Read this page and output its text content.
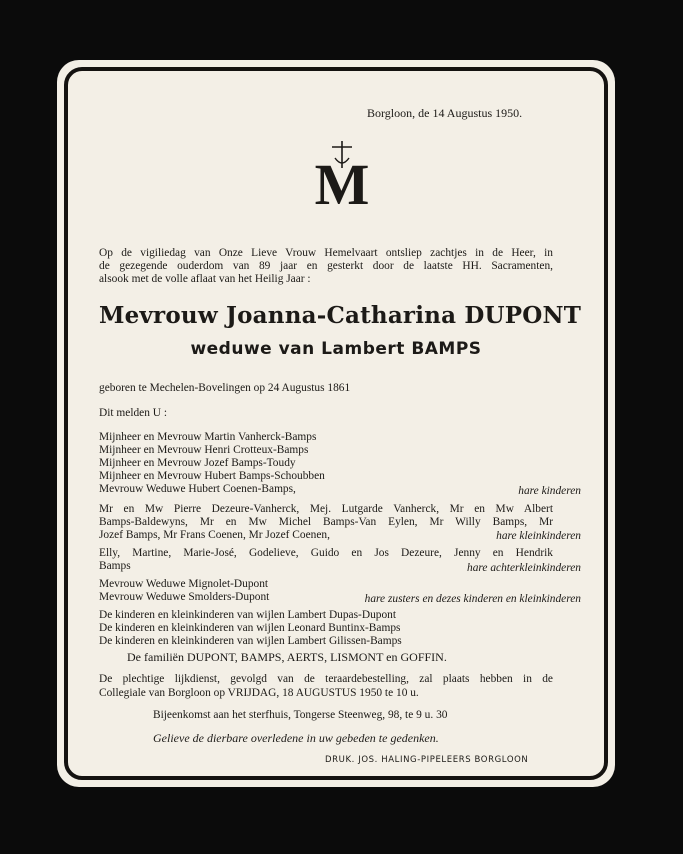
Borgloon, de 14 Augustus 1950.
M
Op de vigiliedag van Onze Lieve Vrouw Hemelvaart ontsliep zachtjes in de Heer, in
de gezegende ouderdom van 89 jaar en gesterkt door de laatste HH. Sacramenten,
alsook met de volle aflaat van het Heilig Jaar :
Mevrouw Joanna-Catharina DUPONT
weduwe van Lambert BAMPS
geboren te Mechelen-Bovelingen op 24 Augustus 1861
Dit melden U :
Mijnheer en Mevrouw Martin Vanherck-Bamps
Mijnheer en Mevrouw Henri Crotteux-Bamps
Mijnheer en Mevrouw Jozef Bamps-Toudy
Mijnheer en Mevrouw Hubert Bamps-Schoubben
Mevrouw Weduwe Hubert Coenen-Bamps,	hare kinderen
Mr en Mw Pierre Dezeure-Vanherck, Mej. Lutgarde Vanherck, Mr en Mw Albert
Bamps-Baldewyns, Mr en Mw Michel Bamps-Van Eylen, Mr Willy Bamps, Mr
Jozef Bamps, Mr Frans Coenen, Mr Jozef Coenen,	hare kleinkinderen
Elly, Martine, Marie-José, Godelieve, Guido en Jos Dezeure, Jenny en Hendrik
Bamps	hare achterkleinkinderen
Mevrouw Weduwe Mignolet-Dupont
Mevrouw Weduwe Smolders-Dupont	hare zusters en dezes kinderen en kleinkinderen
De kinderen en kleinkinderen van wijlen Lambert Dupas-Dupont
De kinderen en kleinkinderen van wijlen Leonard Buntinx-Bamps
De kinderen en kleinkinderen van wijlen Lambert Gilissen-Bamps
De familiën DUPONT, BAMPS, AERTS, LISMONT en GOFFIN.
De plechtige lijkdienst, gevolgd van de teraardebestelling, zal plaats hebben in de
Collegiale van Borgloon op VRIJDAG, 18 AUGUSTUS 1950 te 10 u.
Bijeenkomst aan het sterfhuis, Tongerse Steenweg, 98, te 9 u. 30
Gelieve de dierbare overledene in uw gebeden te gedenken.
DRUK. JOS. HALING-PIPELEERS BORGLOON
